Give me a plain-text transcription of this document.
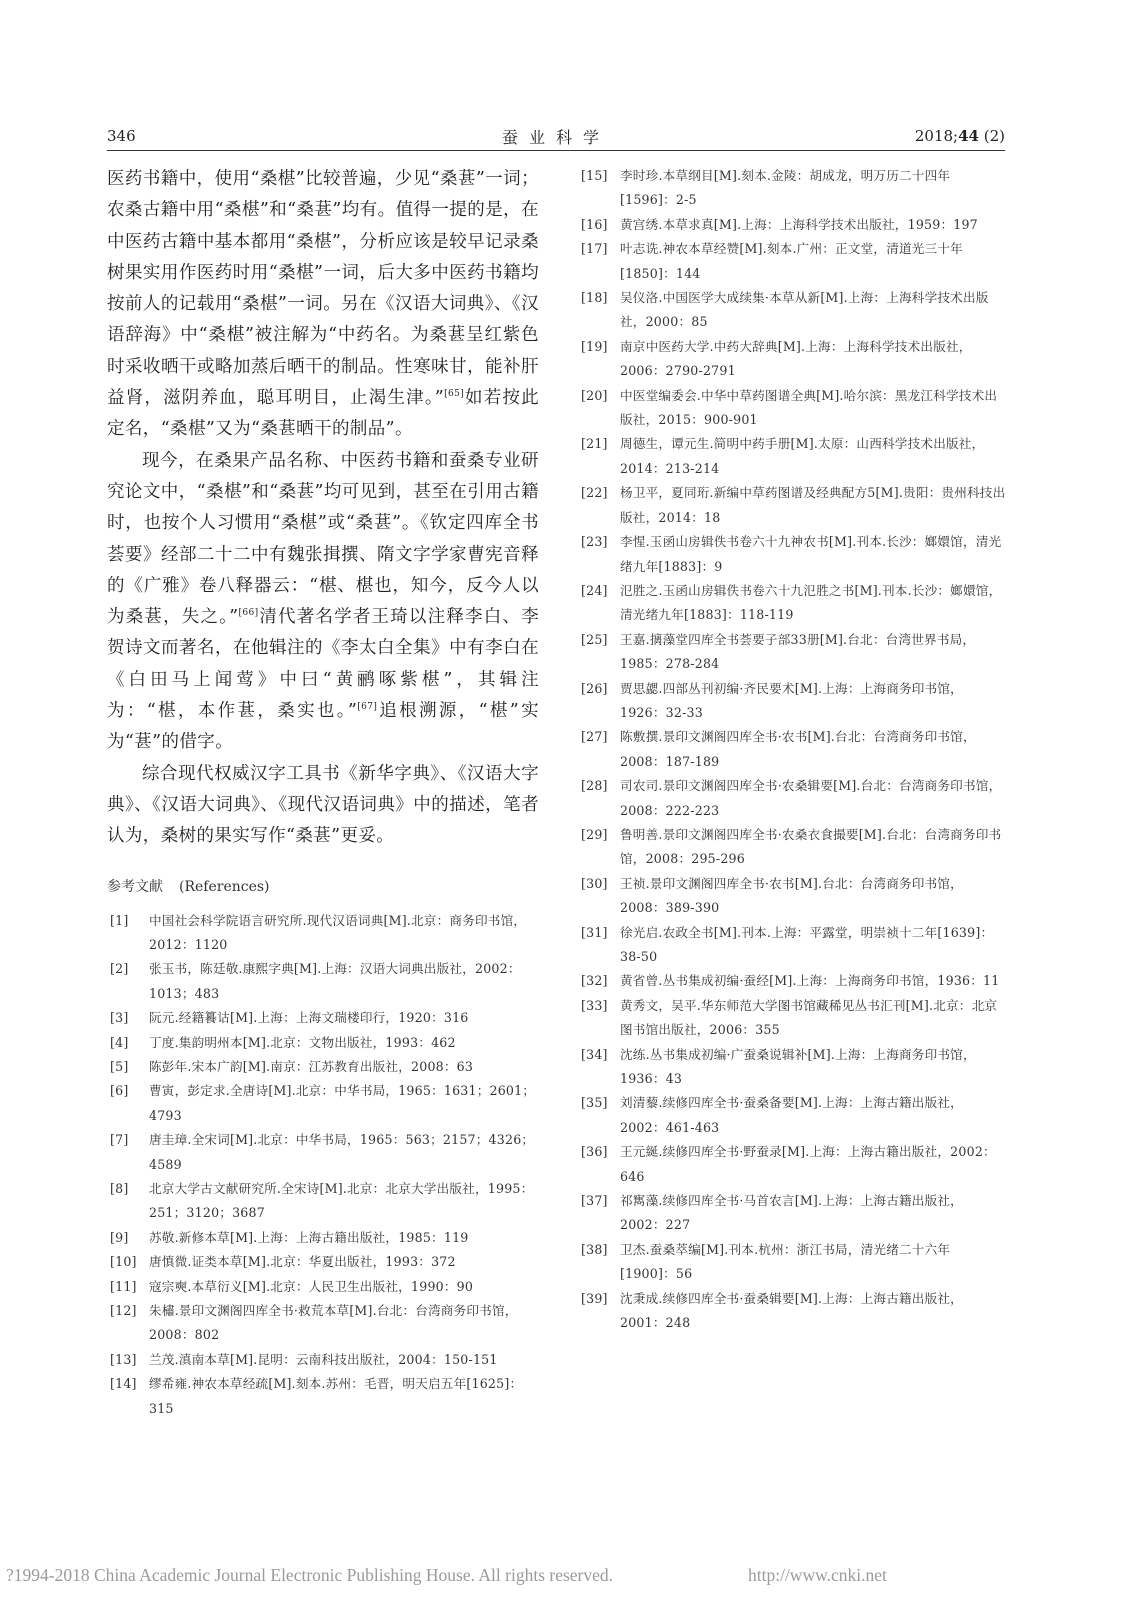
346	蚕业科学	2018;44 (2)

医药书籍中，使用“桑椹”比较普遍，少见“桑葚”一词；农桑古籍中用“桑椹”和“桑葚”均有。值得一提的是，在中医药古籍中基本都用“桑椹”，分析应该是较早记录桑树果实用作医药时用“桑椹”一词，后大多中医药书籍均按前人的记载用“桑椹”一词。另在《汉语大词典》、《汉语辞海》中“桑椹”被注解为“中药名。为桑葚呈红紫色时采收晒干或略加蒸后晒干的制品。性寒味甘，能补肝益肾，滋阴养血，聪耳明目，止渴生津。”[65]如若按此定名，“桑椹”又为“桑葚晒干的制品”。

现今，在桑果产品名称、中医药书籍和蚕桑专业研究论文中，“桑椹”和“桑葚”均可见到，甚至在引用古籍时，也按个人习惯用“桑椹”或“桑葚”。《钦定四库全书荟要》经部二十二中有魏张揖撰、隋文字学家曹宪音释的《广雅》卷八释器云：“椹、椹也，知今，反今人以为桑葚，失之。”[66]清代著名学者王琦以注释李白、李贺诗文而著名，在他辑注的《李太白全集》中有李白在《白田马上闻莺》中曰“黄鹂啄紫椹”，其辑注为：“椹，本作葚，桑实也。”[67]追根溯源，“椹”实为“葚”的借字。

综合现代权威汉字工具书《新华字典》、《汉语大字典》、《汉语大词典》、《现代汉语词典》中的描述，笔者认为，桑树的果实写作“桑葚”更妥。

参考文献 (References)
[1] 中国社会科学院语言研究所.现代汉语词典[M].北京：商务印书馆，2012：1120
[2] 张玉书，陈廷敬.康熙字典[M].上海：汉语大词典出版社，2002：1013；483
[3] 阮元.经籍籑诂[M].上海：上海文瑞楼印行，1920：316
[4] 丁度.集韵明州本[M].北京：文物出版社，1993：462
[5] 陈彭年.宋本广韵[M].南京：江苏教育出版社，2008：63
[6] 曹寅，彭定求.全唐诗[M].北京：中华书局，1965：1631；2601；4793
[7] 唐圭璋.全宋词[M].北京：中华书局，1965：563；2157；4326；4589
[8] 北京大学古文献研究所.全宋诗[M].北京：北京大学出版社，1995：251；3120；3687
[9] 苏敬.新修本草[M].上海：上海古籍出版社，1985：119
[10] 唐慎微.证类本草[M].北京：华夏出版社，1993：372
[11] 寇宗奭.本草衍义[M].北京：人民卫生出版社，1990：90
[12] 朱橚.景印文渊阁四库全书·救荒本草[M].台北：台湾商务印书馆，2008：802
[13] 兰茂.滇南本草[M].昆明：云南科技出版社，2004：150-151
[14] 缪希雍.神农本草经疏[M].刻本.苏州：毛晋，明天启五年[1625]：315
[15] 李时珍.本草纲目[M].刻本.金陵：胡成龙，明万历二十四年[1596]：2-5
[16] 黄宫绣.本草求真[M].上海：上海科学技术出版社，1959：197
[17] 叶志诜.神农本草经赞[M].刻本.广州：正文堂，清道光三十年[1850]：144
[18] 吴仪洛.中国医学大成续集·本草从新[M].上海：上海科学技术出版社，2000：85
[19] 南京中医药大学.中药大辞典[M].上海：上海科学技术出版社，2006：2790-2791
[20] 中医堂编委会.中华中草药图谱全典[M].哈尔滨：黑龙江科学技术出版社，2015：900-901
[21] 周德生，谭元生.简明中药手册[M].太原：山西科学技术出版社，2014：213-214
[22] 杨卫平，夏同珩.新编中草药图谱及经典配方5[M].贵阳：贵州科技出版社，2014：18
[23] 李惺.玉函山房辑佚书卷六十九神农书[M].刊本.长沙：嫏嬛馆，清光绪九年[1883]：9
[24] 氾胜之.玉函山房辑佚书卷六十九氾胜之书[M].刊本.长沙：嫏嬛馆，清光绪九年[1883]：118-119
[25] 王嘉.摛藻堂四库全书荟要子部33册[M].台北：台湾世界书局，1985：278-284
[26] 贾思勰.四部丛刊初编·齐民要术[M].上海：上海商务印书馆，1926：32-33
[27] 陈敷撰.景印文渊阁四库全书·农书[M].台北：台湾商务印书馆，2008：187-189
[28] 司农司.景印文渊阁四库全书·农桑辑要[M].台北：台湾商务印书馆，2008：222-223
[29] 鲁明善.景印文渊阁四库全书·农桑衣食撮要[M].台北：台湾商务印书馆，2008：295-296
[30] 王祯.景印文渊阁四库全书·农书[M].台北：台湾商务印书馆，2008：389-390
[31] 徐光启.农政全书[M].刊本.上海：平露堂，明崇祯十二年[1639]：38-50
[32] 黄省曾.丛书集成初编·蚕经[M].上海：上海商务印书馆，1936：11
[33] 黄秀文，吴平.华东师范大学图书馆藏稀见丛书汇刊[M].北京：北京图书馆出版社，2006：355
[34] 沈练.丛书集成初编·广蚕桑说辑补[M].上海：上海商务印书馆，1936：43
[35] 刘清藜.续修四库全书·蚕桑备要[M].上海：上海古籍出版社，2002：461-463
[36] 王元綖.续修四库全书·野蚕录[M].上海：上海古籍出版社，2002：646
[37] 祁寯藻.续修四库全书·马首农言[M].上海：上海古籍出版社，2002：227
[38] 卫杰.蚕桑萃编[M].刊本.杭州：浙江书局，清光绪二十六年[1900]：56
[39] 沈秉成.续修四库全书·蚕桑辑要[M].上海：上海古籍出版社，2001：248
?1994-2018 China Academic Journal Electronic Publishing House. All rights reserved.	http://www.cnki.net
